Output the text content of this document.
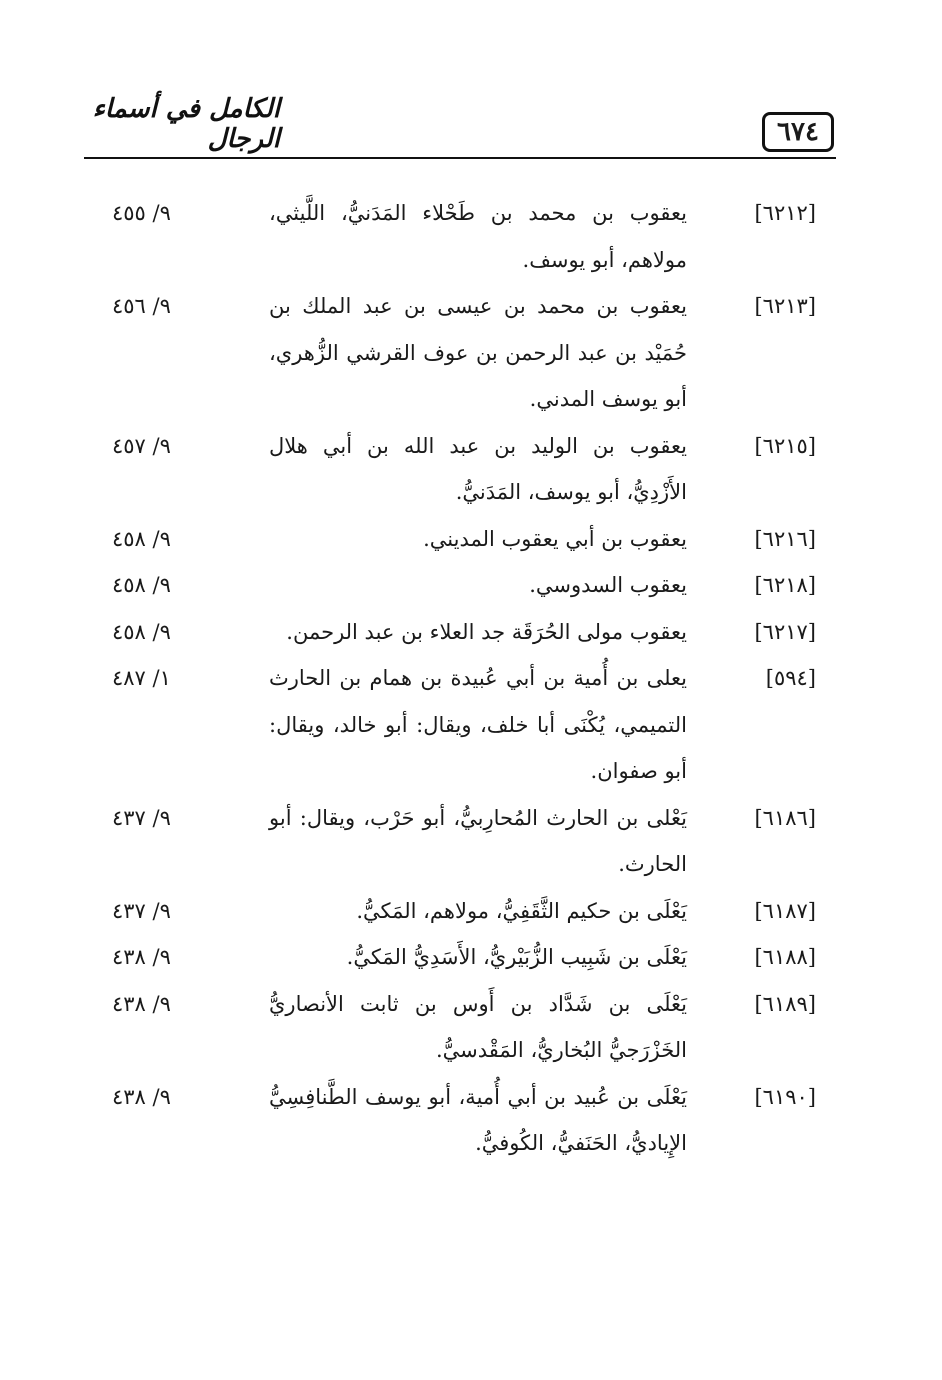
الكامل في أسماء الرجال	٦٧٤
[٦٢١٢]
يعقوب بن محمد بن طَحْلاء المَدَنيُّ، اللَّيثي، مولاهم، أبو يوسف.
٩/ ٤٥٥
[٦٢١٣]
يعقوب بن محمد بن عيسى بن عبد الملك بن حُمَيْد بن عبد الرحمن بن عوف القرشي الزُّهري، أبو يوسف المدني.
٩/ ٤٥٦
[٦٢١٥]
يعقوب بن الوليد بن عبد الله بن أبي هلال الأَزْدِيُّ، أبو يوسف، المَدَنيُّ.
٩/ ٤٥٧
[٦٢١٦]
يعقوب بن أبي يعقوب المديني.
٩/ ٤٥٨
[٦٢١٨]
يعقوب السدوسي.
٩/ ٤٥٨
[٦٢١٧]
يعقوب مولى الحُرَقَة جد العلاء بن عبد الرحمن.
٩/ ٤٥٨
[٥٩٤]
يعلى بن أُمية بن أبي عُبيدة بن همام بن الحارث التميمي، يُكْنَى أبا خلف، ويقال: أبو خالد، ويقال: أبو صفوان.
١/ ٤٨٧
[٦١٨٦]
يَعْلى بن الحارث المُحارِبيُّ، أبو حَرْب، ويقال: أبو الحارث.
٩/ ٤٣٧
[٦١٨٧]
يَعْلَى بن حكيم الثَّقَفِيُّ، مولاهم، المَكيُّ.
٩/ ٤٣٧
[٦١٨٨]
يَعْلَى بن شَبِيب الزُّبَيْريُّ، الأَسَدِيُّ المَكيُّ.
٩/ ٤٣٨
[٦١٨٩]
يَعْلَى بن شَدَّاد بن أَوس بن ثابت الأنصاريُّ الخَزْرَجيُّ البُخاريُّ، المَقْدسيُّ.
٩/ ٤٣٨
[٦١٩٠]
يَعْلَى بن عُبيد بن أبي أُمية، أبو يوسف الطَّنافِسِيُّ الإِياديُّ، الحَنَفيُّ، الكُوفيُّ.
٩/ ٤٣٨
